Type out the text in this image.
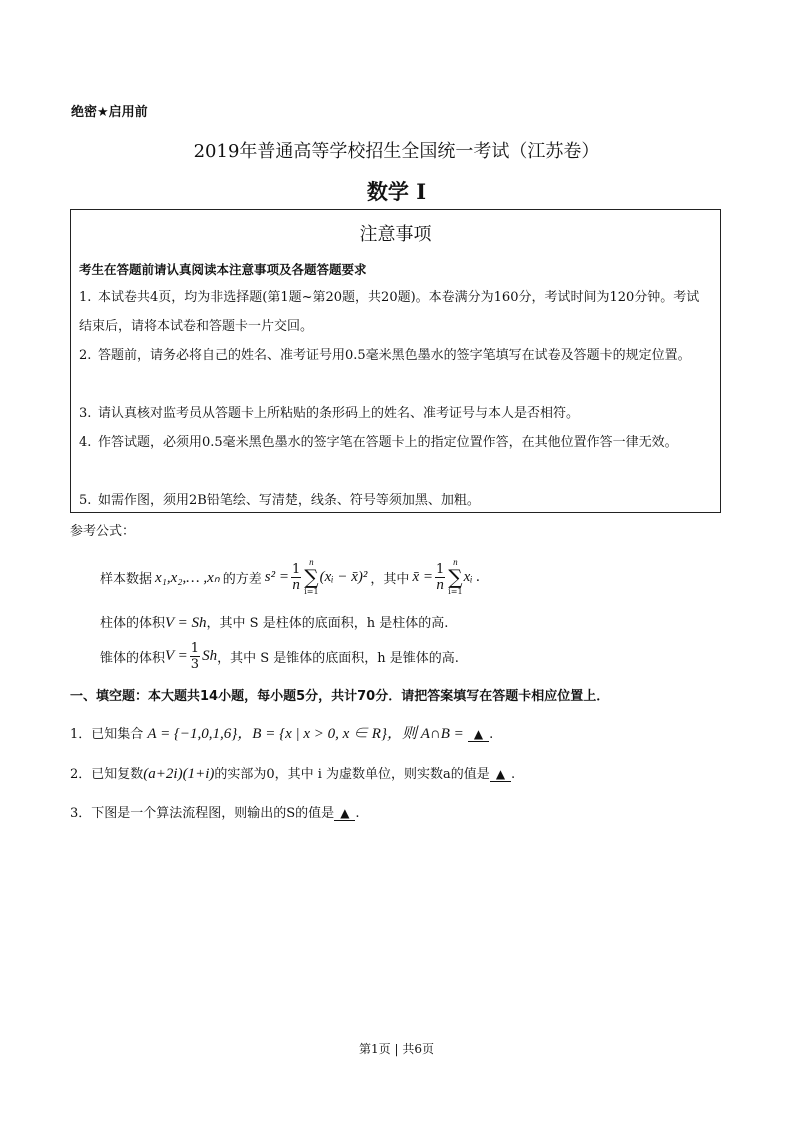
绝密★启用前
2019年普通高等学校招生全国统一考试（江苏卷）
数学 I
注意事项
考生在答题前请认真阅读本注意事项及各题答题要求
1. 本试卷共4页，均为非选择题(第1题~第20题，共20题)。本卷满分为160分，考试时间为120分钟。考试结束后，请将本试卷和答题卡一片交回。
2. 答题前，请务必将自己的姓名、准考证号用0.5毫米黑色墨水的签字笔填写在试卷及答题卡的规定位置。
3. 请认真核对监考员从答题卡上所粘贴的条形码上的姓名、准考证号与本人是否相符。
4. 作答试题，必须用0.5毫米黑色墨水的签字笔在答题卡上的指定位置作答，在其他位置作答一律无效。
5. 如需作图，须用2B铅笔绘、写清楚，线条、符号等须加黑、加粗。
参考公式：
样本数据 x₁,x₂,… ,xₙ 的方差 $s^2 = \frac{1}{n}$ n
∑
i=1
(xᵢ − x̄)² ，其中 x̄ = $\frac{1}{n}$ n
∑
i=1
xᵢ .
柱体的体积V = Sh，其中 S 是柱体的底面积，h 是柱体的高.
锥体的体积 $V = \frac{1}{3}$ Sh ，其中 S 是锥体的底面积，h 是锥体的高.
一、填空题：本大题共14小题，每小题5分，共计70分．请把答案填写在答题卡相应位置上．
1．已知集合 A = {−1,0,1,6}，B = {x | x > 0, x ∈ R}，则 A∩B = ▲ .
2．已知复数(a+2i)(1+i)的实部为0，其中 i 为虚数单位，则实数a的值是 ▲ .
3．下图是一个算法流程图，则输出的S的值是 ▲ .
第1页 | 共6页
